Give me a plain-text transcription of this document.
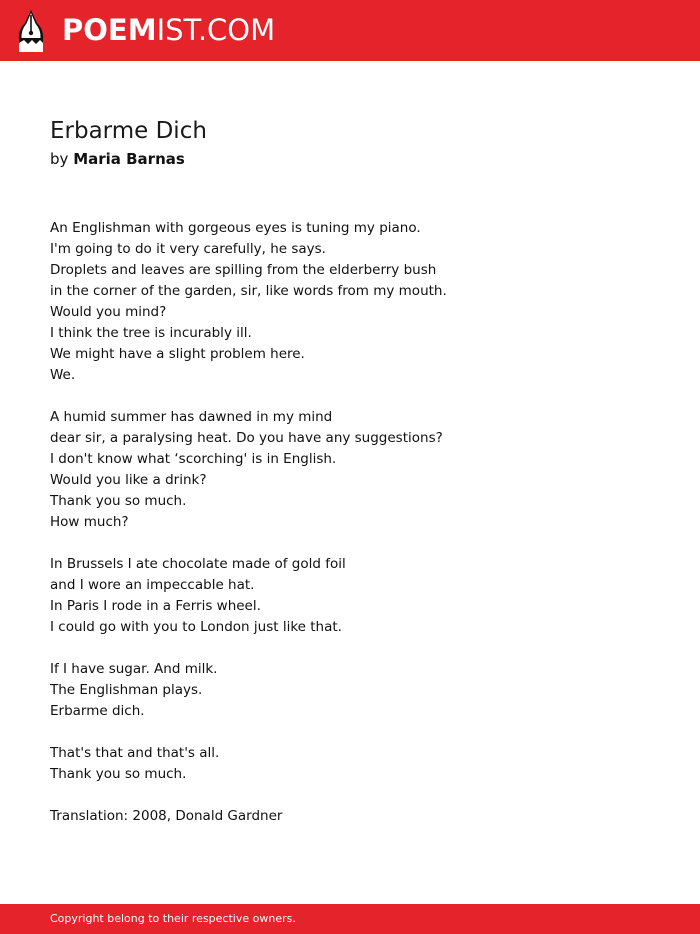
POEMIST.COM
Erbarme Dich
by Maria Barnas
An Englishman with gorgeous eyes is tuning my piano.
I'm going to do it very carefully, he says.
Droplets and leaves are spilling from the elderberry bush
in the corner of the garden, sir, like words from my mouth.
Would you mind?
I think the tree is incurably ill.
We might have a slight problem here.
We.
A humid summer has dawned in my mind
dear sir, a paralysing heat. Do you have any suggestions?
I don't know what ‘scorching' is in English.
Would you like a drink?
Thank you so much.
How much?
In Brussels I ate chocolate made of gold foil
and I wore an impeccable hat.
In Paris I rode in a Ferris wheel.
I could go with you to London just like that.
If I have sugar. And milk.
The Englishman plays.
Erbarme dich.
That's that and that's all.
Thank you so much.
Translation: 2008, Donald Gardner
Copyright belong to their respective owners.
